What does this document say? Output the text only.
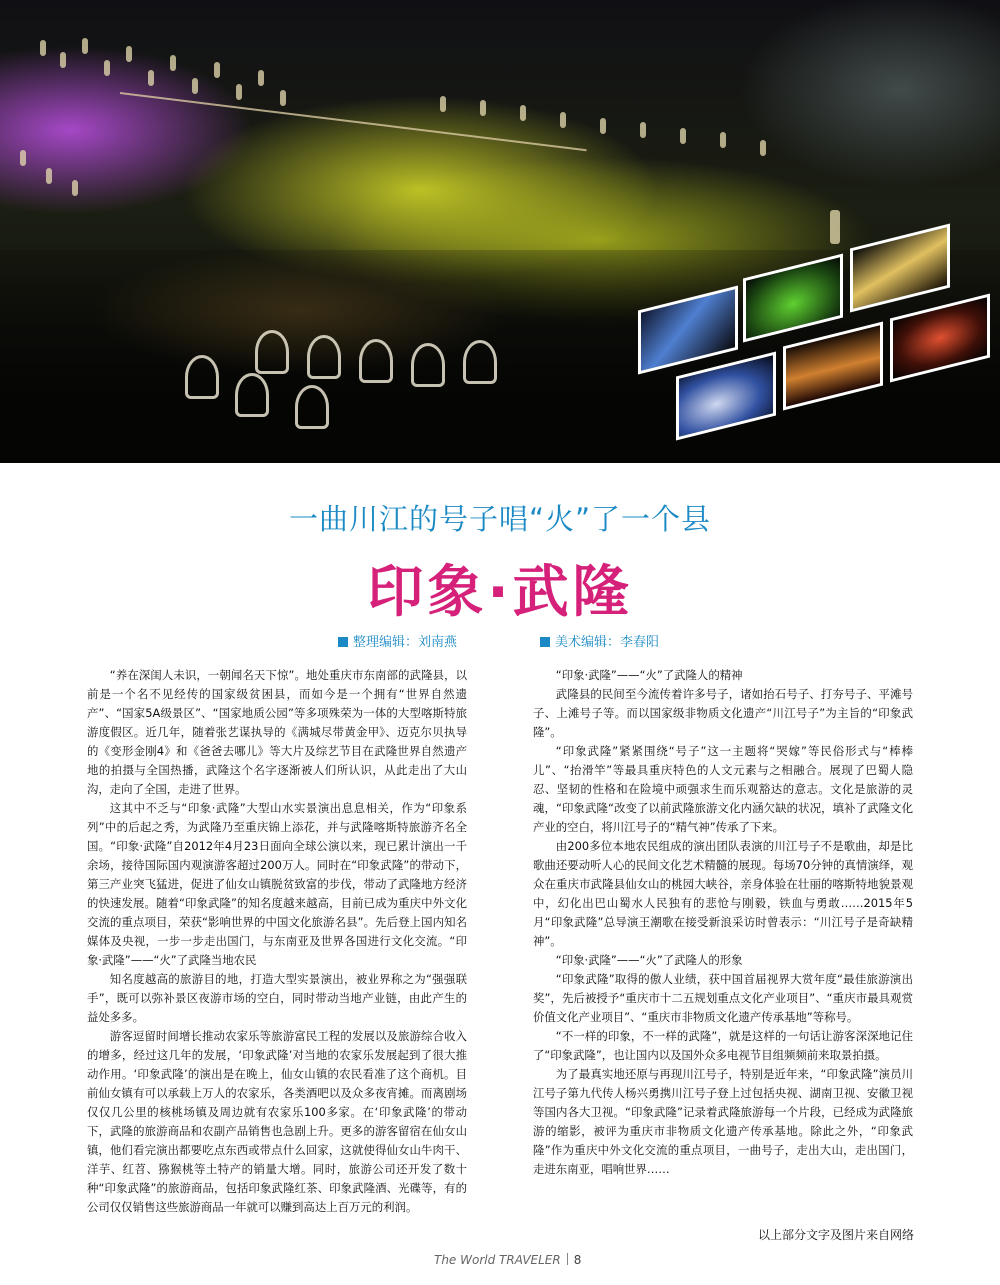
一曲川江的号子唱“火”了一个县
印象·武隆
整理编辑：刘南燕	美术编辑：李春阳

“养在深闺人未识，一朝闻名天下惊”。地处重庆市东南部的武隆县，以前是一个名不见经传的国家级贫困县，而如今是一个拥有“世界自然遗产”、“国家5A级景区”、“国家地质公园”等多项殊荣为一体的大型喀斯特旅游度假区。近几年，随着张艺谋执导的《满城尽带黄金甲》、迈克尔贝执导的《变形金刚4》和《爸爸去哪儿》等大片及综艺节目在武隆世界自然遗产地的拍摄与全国热播，武隆这个名字逐渐被人们所认识，从此走出了大山沟，走向了全国，走进了世界。

这其中不乏与“印象·武隆”大型山水实景演出息息相关，作为“印象系列”中的后起之秀，为武隆乃至重庆锦上添花，并与武隆喀斯特旅游齐名全国。“印象·武隆”自2012年4月23日面向全球公演以来，现已累计演出一千余场，接待国际国内观演游客超过200万人。同时在“印象武隆”的带动下，第三产业突飞猛进，促进了仙女山镇脱贫致富的步伐，带动了武隆地方经济的快速发展。随着“印象武隆”的知名度越来越高，目前已成为重庆中外文化交流的重点项目，荣获“影响世界的中国文化旅游名县”。先后登上国内知名媒体及央视，一步一步走出国门，与东南亚及世界各国进行文化交流。“印象·武隆”——“火”了武隆当地农民

知名度越高的旅游目的地，打造大型实景演出，被业界称之为“强强联手”，既可以弥补景区夜游市场的空白，同时带动当地产业链，由此产生的益处多多。

游客逗留时间增长推动农家乐等旅游富民工程的发展以及旅游综合收入的增多，经过这几年的发展，‘印象武隆’对当地的农家乐发展起到了很大推动作用。‘印象武隆’的演出是在晚上，仙女山镇的农民看准了这个商机。目前仙女镇有可以承载上万人的农家乐，各类酒吧以及众多夜宵摊。而离剧场仅仅几公里的核桃场镇及周边就有农家乐100多家。在‘印象武隆’的带动下，武隆的旅游商品和农副产品销售也急剧上升。更多的游客留宿在仙女山镇，他们看完演出都要吃点东西或带点什么回家，这就使得仙女山牛肉干、洋芋、红苕、猕猴桃等土特产的销量大增。同时，旅游公司还开发了数十种“印象武隆”的旅游商品，包括印象武隆红茶、印象武隆酒、光碟等，有的公司仅仅销售这些旅游商品一年就可以赚到高达上百万元的利润。

“印象·武隆”——“火”了武隆人的精神

武隆县的民间至今流传着许多号子，诸如抬石号子、打夯号子、平滩号子、上滩号子等。而以国家级非物质文化遗产“川江号子”为主旨的“印象武隆”。

“印象武隆”紧紧围绕“号子”这一主题将“哭嫁”等民俗形式与“棒棒儿”、“抬滑竿”等最具重庆特色的人文元素与之相融合。展现了巴蜀人隐忍、坚韧的性格和在险境中顽强求生而乐观豁达的意志。文化是旅游的灵魂，“印象武隆“改变了以前武隆旅游文化内涵欠缺的状况，填补了武隆文化产业的空白，将川江号子的“精气神”传承了下来。

由200多位本地农民组成的演出团队表演的川江号子不是歌曲，却是比歌曲还要动听人心的民间文化艺术精髓的展现。每场70分钟的真情演绎，观众在重庆市武隆县仙女山的桃园大峡谷，亲身体验在壮丽的喀斯特地貌景观中，幻化出巴山蜀水人民独有的悲怆与刚毅，铁血与勇敢……2015年5月“印象武隆”总导演王潮歌在接受新浪采访时曾表示：“川江号子是奇缺精神”。

“印象·武隆”——“火”了武隆人的形象

“印象武隆”取得的傲人业绩，获中国首届视界大赏年度“最佳旅游演出奖”，先后被授予“重庆市十二五规划重点文化产业项目”、“重庆市最具观赏价值文化产业项目”、“重庆市非物质文化遗产传承基地”等称号。

“不一样的印象，不一样的武隆”，就是这样的一句话让游客深深地记住了“印象武隆”，也让国内以及国外众多电视节目组频频前来取景拍摄。

为了最真实地还原与再现川江号子，特别是近年来，“印象武隆”演员川江号子第九代传人杨兴勇携川江号子登上过包括央视、湖南卫视、安徽卫视等国内各大卫视。“印象武隆”记录着武隆旅游每一个片段，已经成为武隆旅游的缩影，被评为重庆市非物质文化遗产传承基地。除此之外，“印象武隆”作为重庆中外文化交流的重点项目，一曲号子，走出大山，走出国门，走进东南亚，唱响世界……

以上部分文字及图片来自网络
The World TRAVELER 8
